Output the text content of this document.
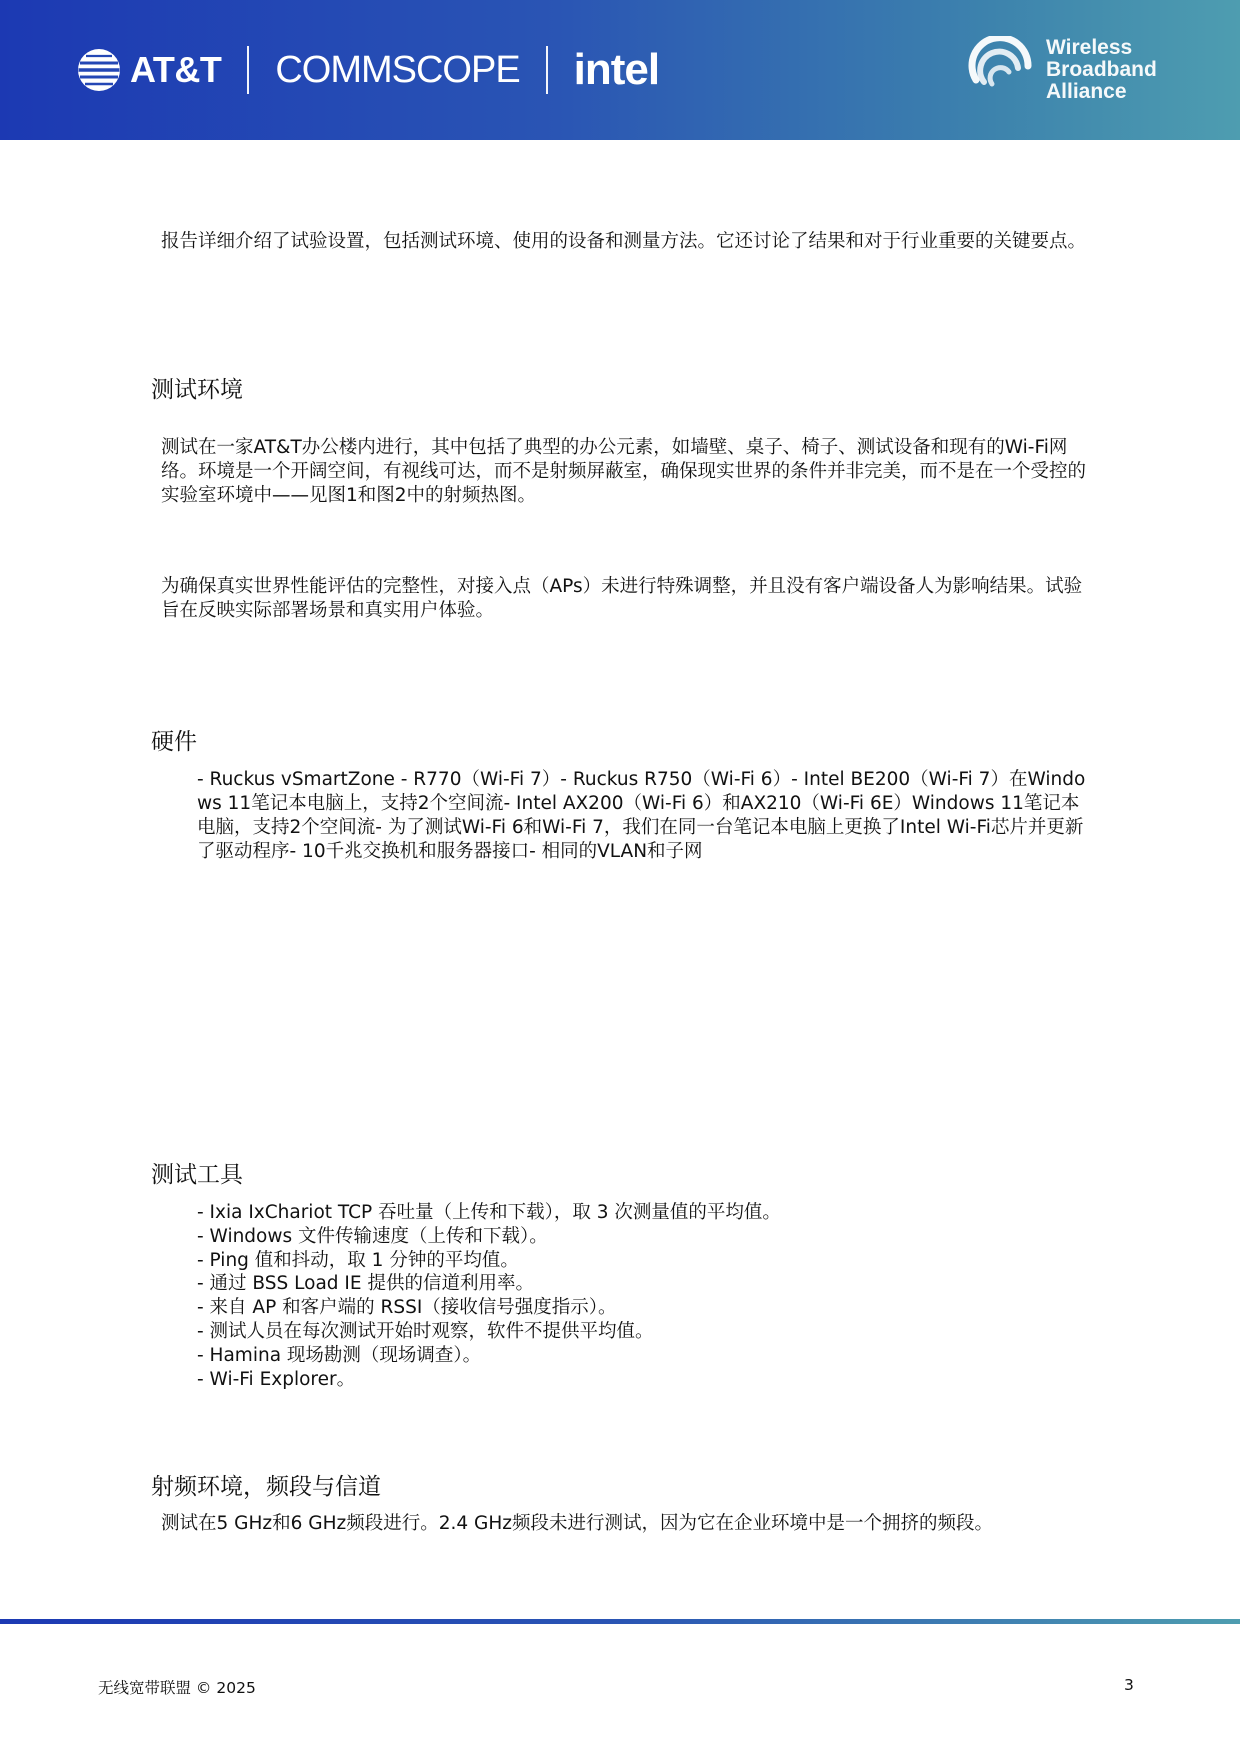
AT&T COMMSCOPE intel	Wireless
Broadband
Alliance

报告详细介绍了试验设置，包括测试环境、使用的设备和测量方法。它还讨论了结果和对于行业重要的关键要点。

测试环境

测试在一家AT&T办公楼内进行，其中包括了典型的办公元素，如墙壁、桌子、椅子、测试设备和现有的Wi-Fi网络。环境是一个开阔空间，有视线可达，而不是射频屏蔽室，确保现实世界的条件并非完美，而不是在一个受控的实验室环境中——见图1和图2中的射频热图。

为确保真实世界性能评估的完整性，对接入点（APs）未进行特殊调整，并且没有客户端设备人为影响结果。试验旨在反映实际部署场景和真实用户体验。

硬件

- Ruckus vSmartZone - R770（Wi-Fi 7）- Ruckus R750（Wi-Fi 6）- Intel BE200（Wi-Fi 7）在Windows 11笔记本电脑上，支持2个空间流- Intel AX200（Wi-Fi 6）和AX210（Wi-Fi 6E）Windows 11笔记本电脑，支持2个空间流- 为了测试Wi-Fi 6和Wi-Fi 7，我们在同一台笔记本电脑上更换了Intel Wi-Fi芯片并更新了驱动程序- 10千兆交换机和服务器接口- 相同的VLAN和子网

测试工具
- Ixia IxChariot TCP 吞吐量（上传和下载），取 3 次测量值的平均值。
- Windows 文件传输速度（上传和下载）。
- Ping 值和抖动，取 1 分钟的平均值。
- 通过 BSS Load IE 提供的信道利用率。
- 来自 AP 和客户端的 RSSI（接收信号强度指示）。
- 测试人员在每次测试开始时观察，软件不提供平均值。
- Hamina 现场勘测（现场调查）。
- Wi-Fi Explorer。
射频环境，频段与信道

测试在5 GHz和6 GHz频段进行。2.4 GHz频段未进行测试，因为它在企业环境中是一个拥挤的频段。

无线宽带联盟 © 2025	3
